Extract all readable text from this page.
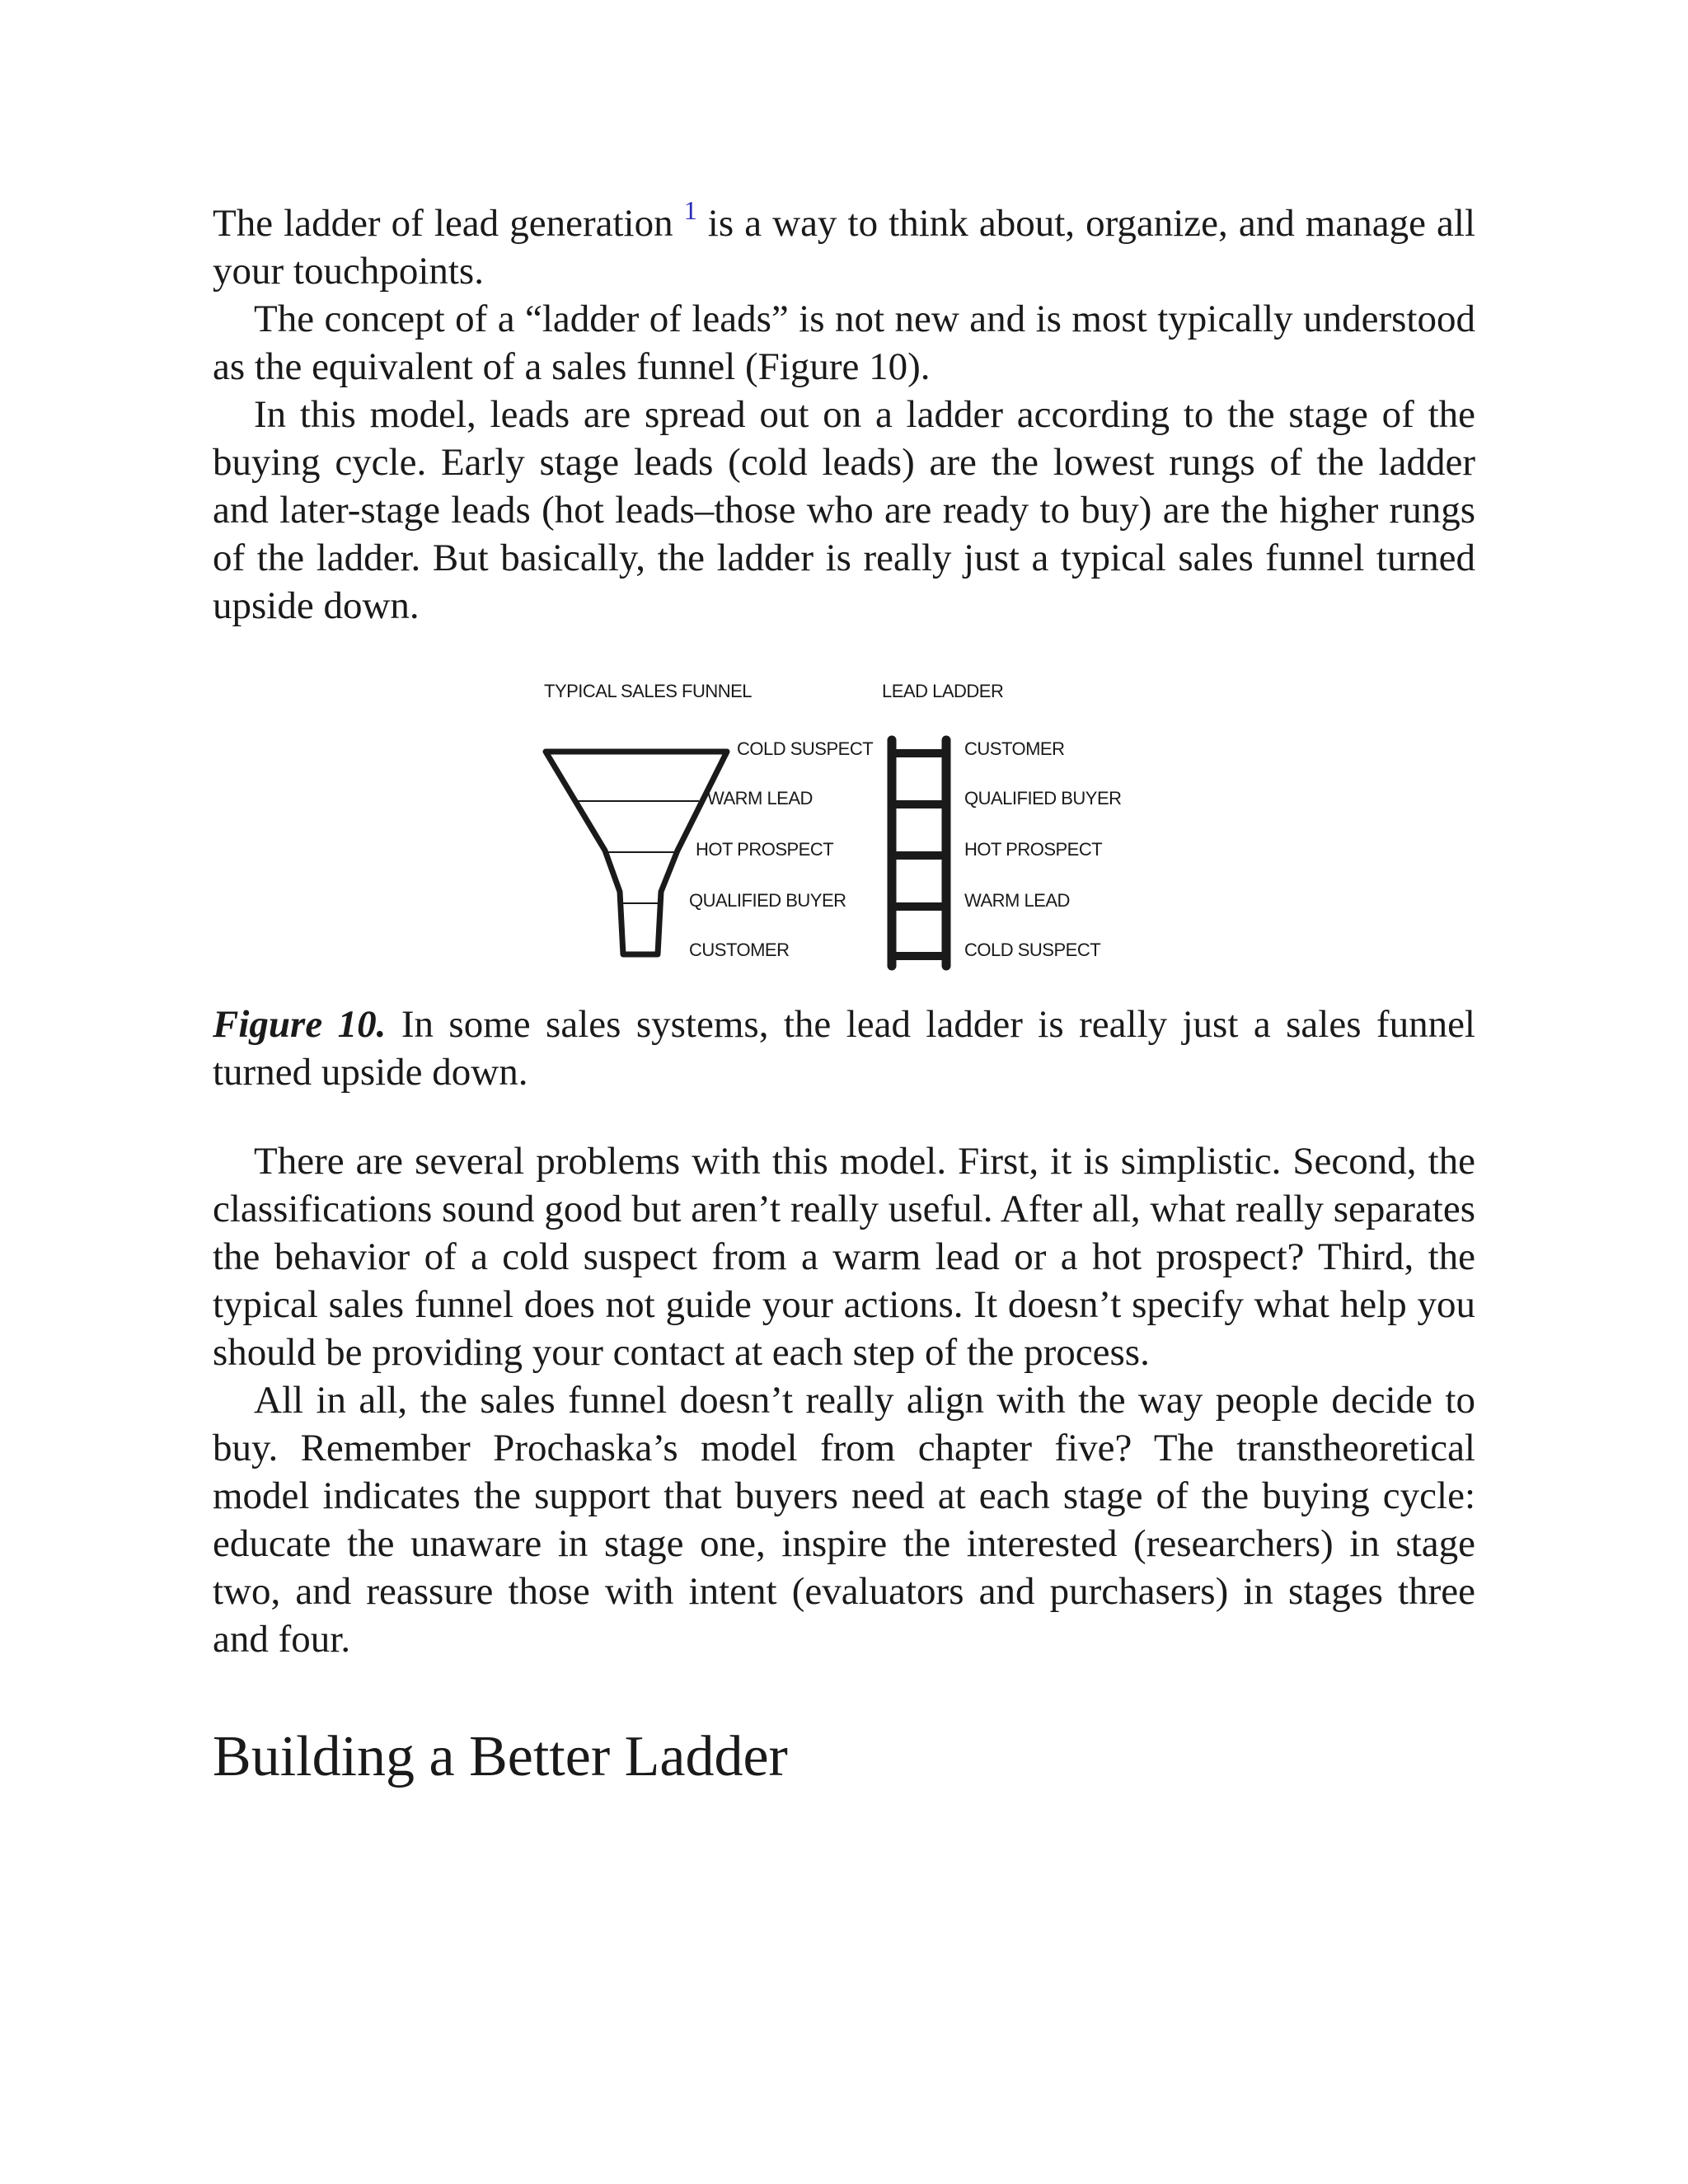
The ladder of lead generation $^1$ is a way to think about, organize, and manage all your touchpoints.

The concept of a “ladder of leads” is not new and is most typically understood as the equivalent of a sales funnel (Figure 10).

In this model, leads are spread out on a ladder according to the stage of the buying cycle. Early stage leads (cold leads) are the lowest rungs of the ladder and later-stage leads (hot leads–those who are ready to buy) are the higher rungs of the ladder. But basically, the ladder is really just a typical sales funnel turned upside down.

TYPICAL SALES FUNNEL
COLD SUSPECT
WARM LEAD
HOT PROSPECT
QUALIFIED BUYER
CUSTOMER
LEAD LADDER
CUSTOMER
QUALIFIED BUYER
HOT PROSPECT
WARM LEAD
COLD SUSPECT

Figure 10. In some sales systems, the lead ladder is really just a sales funnel turned upside down.

There are several problems with this model. First, it is simplistic. Second, the classifications sound good but aren’t really useful. After all, what really separates the behavior of a cold suspect from a warm lead or a hot prospect? Third, the typical sales funnel does not guide your actions. It doesn’t specify what help you should be providing your contact at each step of the process.

All in all, the sales funnel doesn’t really align with the way people decide to buy. Remember Prochaska’s model from chapter five? The transtheoretical model indicates the support that buyers need at each stage of the buying cycle: educate the unaware in stage one, inspire the interested (researchers) in stage two, and reassure those with intent (evaluators and purchasers) in stages three and four.

Building a Better Ladder
